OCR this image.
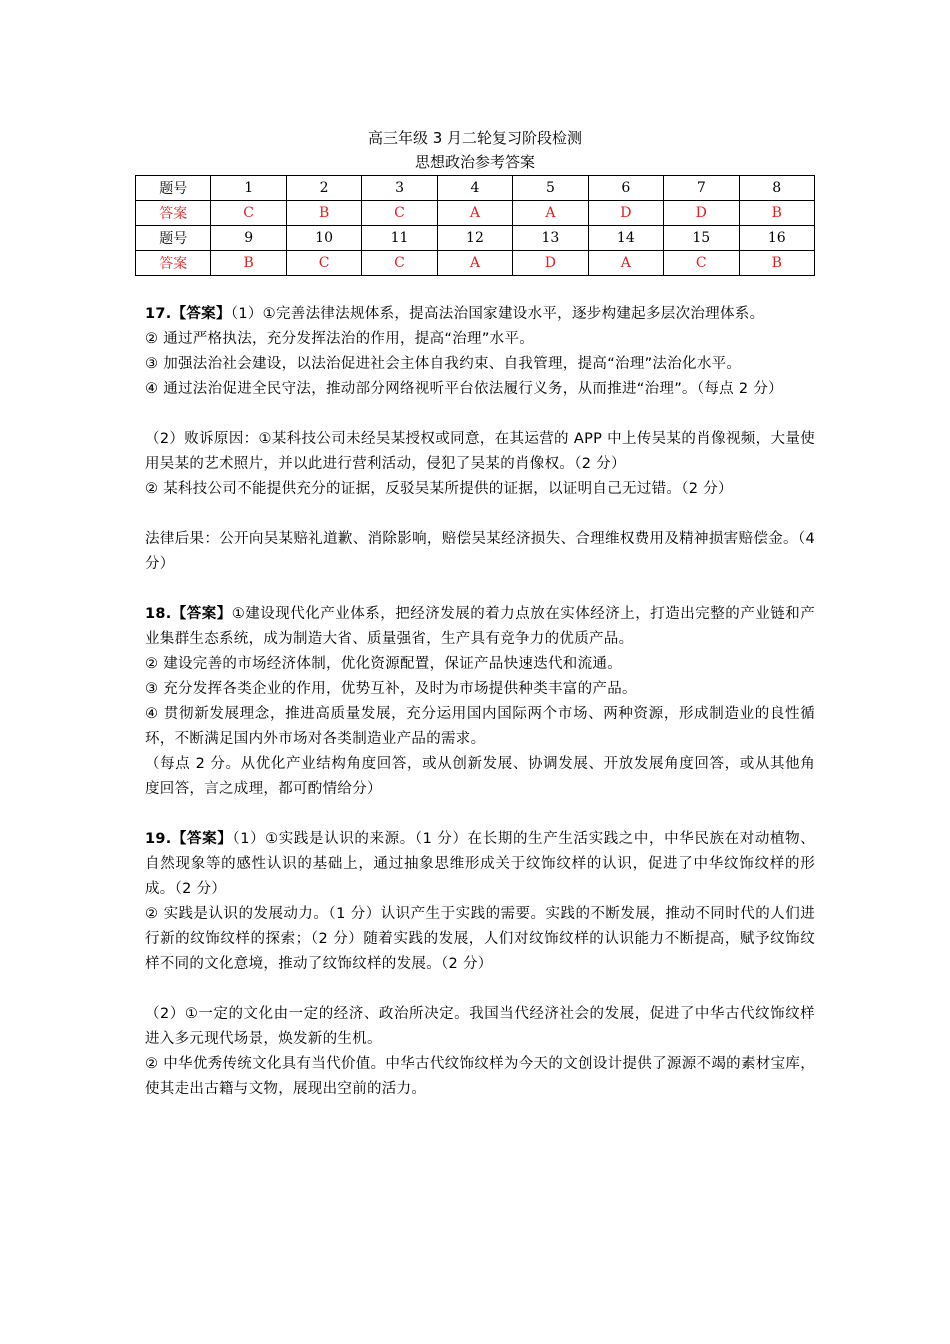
高三年级 3 月二轮复习阶段检测
思想政治参考答案
题号	1	2	3	4	5	6	7	8
答案	C	B	C	A	A	D	D	B
题号	9	10	11	12	13	14	15	16
答案	B	C	C	A	D	A	C	B

17.【答案】（1）①完善法律法规体系，提高法治国家建设水平，逐步构建起多层次治理体系。

② 通过严格执法，充分发挥法治的作用，提高“治理”水平。

③ 加强法治社会建设，以法治促进社会主体自我约束、自我管理，提高“治理”法治化水平。

④ 通过法治促进全民守法，推动部分网络视听平台依法履行义务，从而推进“治理”。（每点 2 分）

（2）败诉原因：①某科技公司未经吴某授权或同意，在其运营的 APP 中上传吴某的肖像视频，大量使用吴某的艺术照片，并以此进行营利活动，侵犯了吴某的肖像权。（2 分）

② 某科技公司不能提供充分的证据，反驳吴某所提供的证据，以证明自己无过错。（2 分）

法律后果：公开向吴某赔礼道歉、消除影响，赔偿吴某经济损失、合理维权费用及精神损害赔偿金。（4 分）

18.【答案】①建设现代化产业体系，把经济发展的着力点放在实体经济上，打造出完整的产业链和产业集群生态系统，成为制造大省、质量强省，生产具有竞争力的优质产品。

② 建设完善的市场经济体制，优化资源配置，保证产品快速迭代和流通。

③ 充分发挥各类企业的作用，优势互补，及时为市场提供种类丰富的产品。

④ 贯彻新发展理念，推进高质量发展，充分运用国内国际两个市场、两种资源，形成制造业的良性循环，不断满足国内外市场对各类制造业产品的需求。

（每点 2 分。从优化产业结构角度回答，或从创新发展、协调发展、开放发展角度回答，或从其他角度回答，言之成理，都可酌情给分）

19.【答案】（1）①实践是认识的来源。（1 分）在长期的生产生活实践之中，中华民族在对动植物、自然现象等的感性认识的基础上，通过抽象思维形成关于纹饰纹样的认识，促进了中华纹饰纹样的形成。（2 分）

② 实践是认识的发展动力。（1 分）认识产生于实践的需要。实践的不断发展，推动不同时代的人们进行新的纹饰纹样的探索；（2 分）随着实践的发展，人们对纹饰纹样的认识能力不断提高，赋予纹饰纹样不同的文化意境，推动了纹饰纹样的发展。（2 分）

（2）①一定的文化由一定的经济、政治所决定。我国当代经济社会的发展，促进了中华古代纹饰纹样进入多元现代场景，焕发新的生机。

② 中华优秀传统文化具有当代价值。中华古代纹饰纹样为今天的文创设计提供了源源不竭的素材宝库，使其走出古籍与文物，展现出空前的活力。
